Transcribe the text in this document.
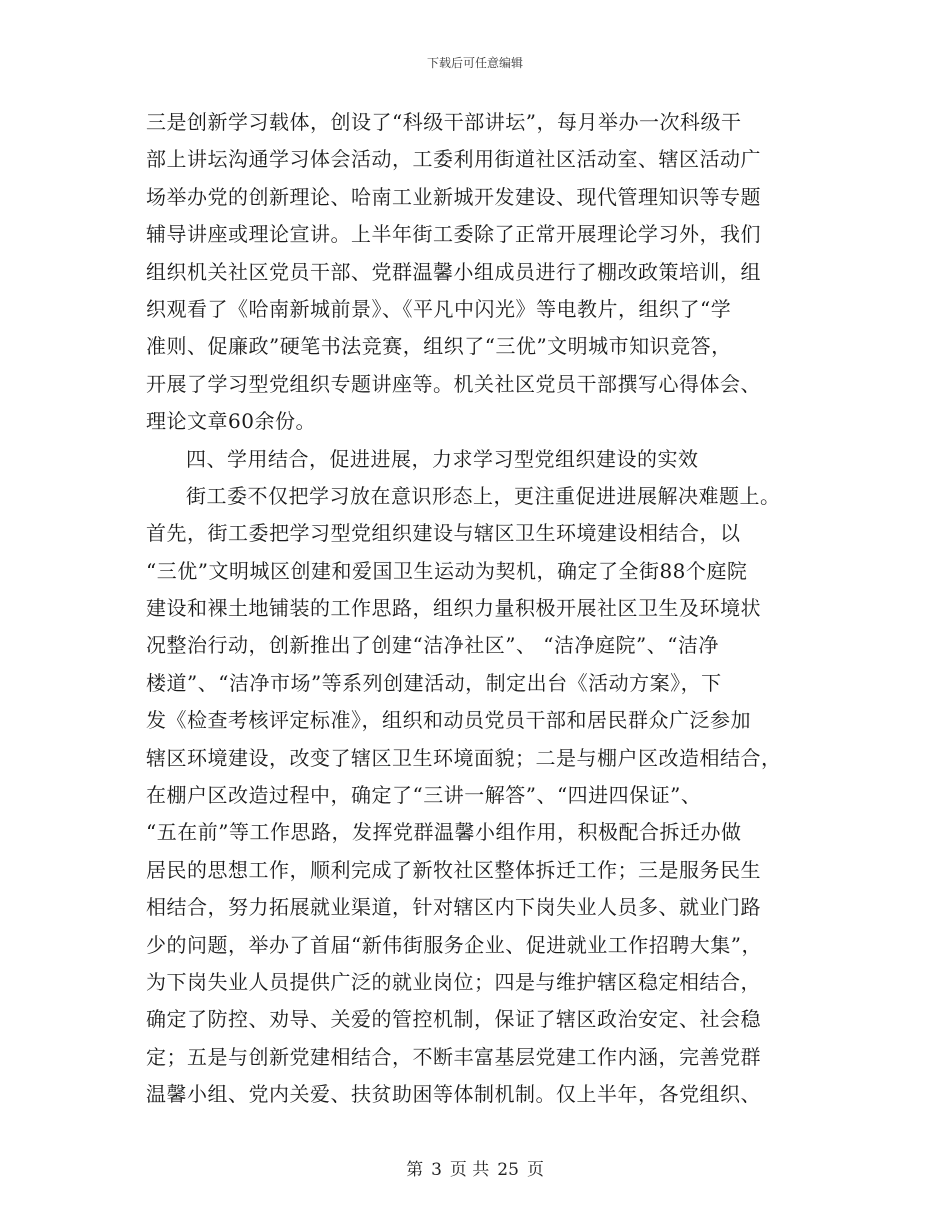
下载后可任意编辑
三是创新学习载体，创设了“科级干部讲坛”，每月举办一次科级干
部上讲坛沟通学习体会活动，工委利用街道社区活动室、辖区活动广
场举办党的创新理论、哈南工业新城开发建设、现代管理知识等专题
辅导讲座或理论宣讲。上半年街工委除了正常开展理论学习外，我们
组织机关社区党员干部、党群温馨小组成员进行了棚改政策培训，组
织观看了《哈南新城前景》、《平凡中闪光》等电教片，组织了“学
准则、促廉政”硬笔书法竞赛，组织了“三优”文明城市知识竞答，
开展了学习型党组织专题讲座等。机关社区党员干部撰写心得体会、
理论文章60余份。
四、学用结合，促进进展，力求学习型党组织建设的实效
街工委不仅把学习放在意识形态上，更注重促进进展解决难题上。
首先，街工委把学习型党组织建设与辖区卫生环境建设相结合，以
“三优”文明城区创建和爱国卫生运动为契机，确定了全街88个庭院
建设和裸土地铺装的工作思路，组织力量积极开展社区卫生及环境状
况整治行动，创新推出了创建“洁净社区”、 “洁净庭院”、“洁净
楼道”、“洁净市场”等系列创建活动，制定出台《活动方案》，下
发《检查考核评定标准》，组织和动员党员干部和居民群众广泛参加
辖区环境建设，改变了辖区卫生环境面貌；二是与棚户区改造相结合，
在棚户区改造过程中，确定了“三讲一解答”、“四进四保证”、
“五在前”等工作思路，发挥党群温馨小组作用，积极配合拆迁办做
居民的思想工作，顺利完成了新牧社区整体拆迁工作；三是服务民生
相结合，努力拓展就业渠道，针对辖区内下岗失业人员多、就业门路
少的问题，举办了首届“新伟街服务企业、促进就业工作招聘大集”，
为下岗失业人员提供广泛的就业岗位；四是与维护辖区稳定相结合，
确定了防控、劝导、关爱的管控机制，保证了辖区政治安定、社会稳
定；五是与创新党建相结合，不断丰富基层党建工作内涵，完善党群
温馨小组、党内关爱、扶贫助困等体制机制。仅上半年，各党组织、
第 3 页 共 25 页
